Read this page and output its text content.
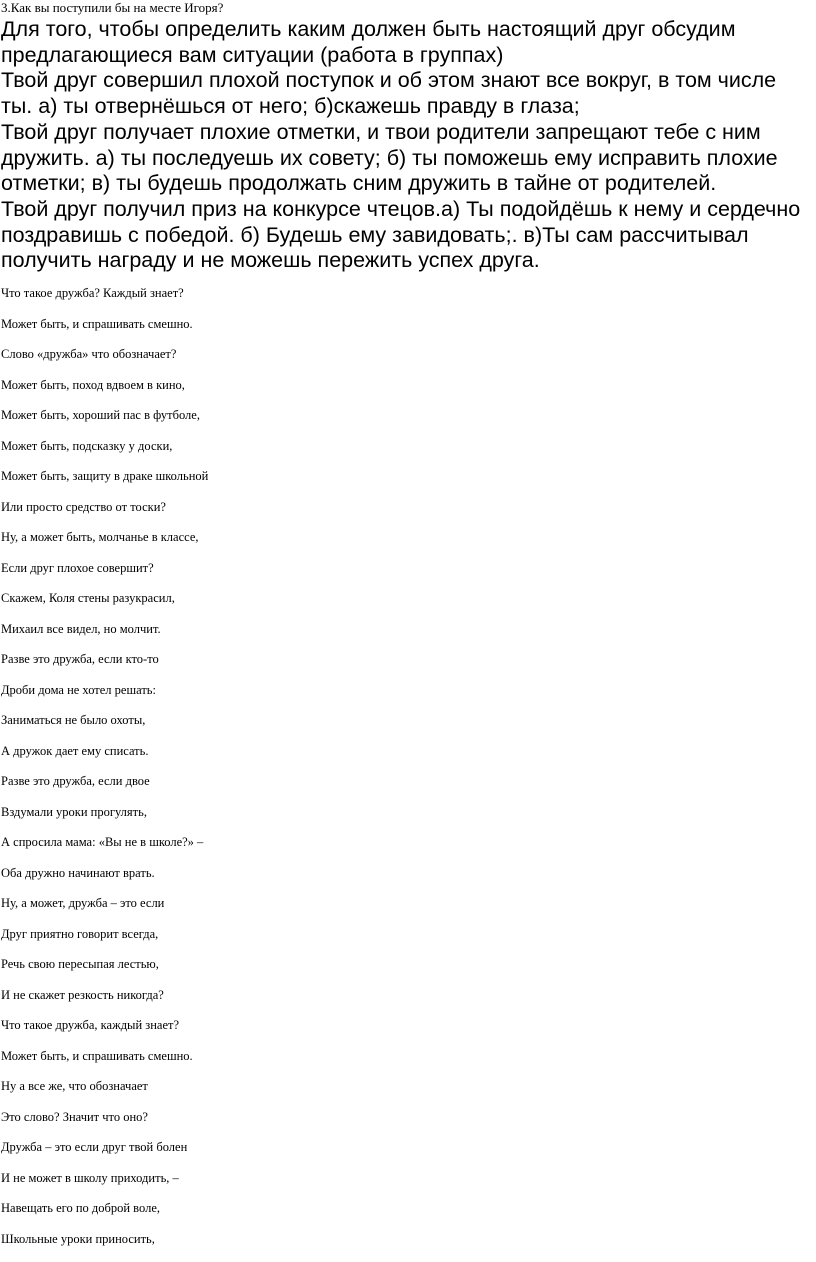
3.Как вы поступили бы на месте Игоря?

Для того, чтобы определить каким должен быть настоящий друг обсудим предлагающиеся вам ситуации (работа в группах)

Твой друг совершил плохой поступок и об этом знают все вокруг, в том числе ты. а) ты отвернёшься от него; б)скажешь правду в глаза;

Твой друг получает плохие отметки, и твои родители запрещают тебе с ним дружить. а) ты последуешь их совету; б) ты поможешь ему исправить плохие отметки; в) ты будешь продолжать сним дружить в тайне от родителей.

Твой друг получил приз на конкурсе чтецов.а) Ты подойдёшь к нему и сердечно поздравишь с победой. б) Будешь ему завидовать;. в)Ты сам рассчитывал получить награду и не можешь пережить успех друга.

Что такое дружба? Каждый знает?
Может быть, и спрашивать смешно.
Слово «дружба» что обозначает?
Может быть, поход вдвоем в кино,
Может быть, хороший пас в футболе,
Может быть, подсказку у доски,
Может быть, защиту в драке школьной
Или просто средство от тоски?
Ну, а может быть, молчанье в классе,
Если друг плохое совершит?
Скажем, Коля стены разукрасил,
Михаил все видел, но молчит.
Разве это дружба, если кто-то
Дроби дома не хотел решать:
Заниматься не было охоты,
А дружок дает ему списать.
Разве это дружба, если двое
Вздумали уроки прогулять,
А спросила мама: «Вы не в школе?» –
Оба дружно начинают врать.
Ну, а может, дружба – это если
Друг приятно говорит всегда,
Речь свою пересыпая лестью,
И не скажет резкость никогда?
Что такое дружба, каждый знает?
Может быть, и спрашивать смешно.
Ну а все же, что обозначает
Это слово? Значит что оно?
Дружба – это если друг твой болен
И не может в школу приходить, –
Навещать его по доброй воле,
Школьные уроки приносить,
